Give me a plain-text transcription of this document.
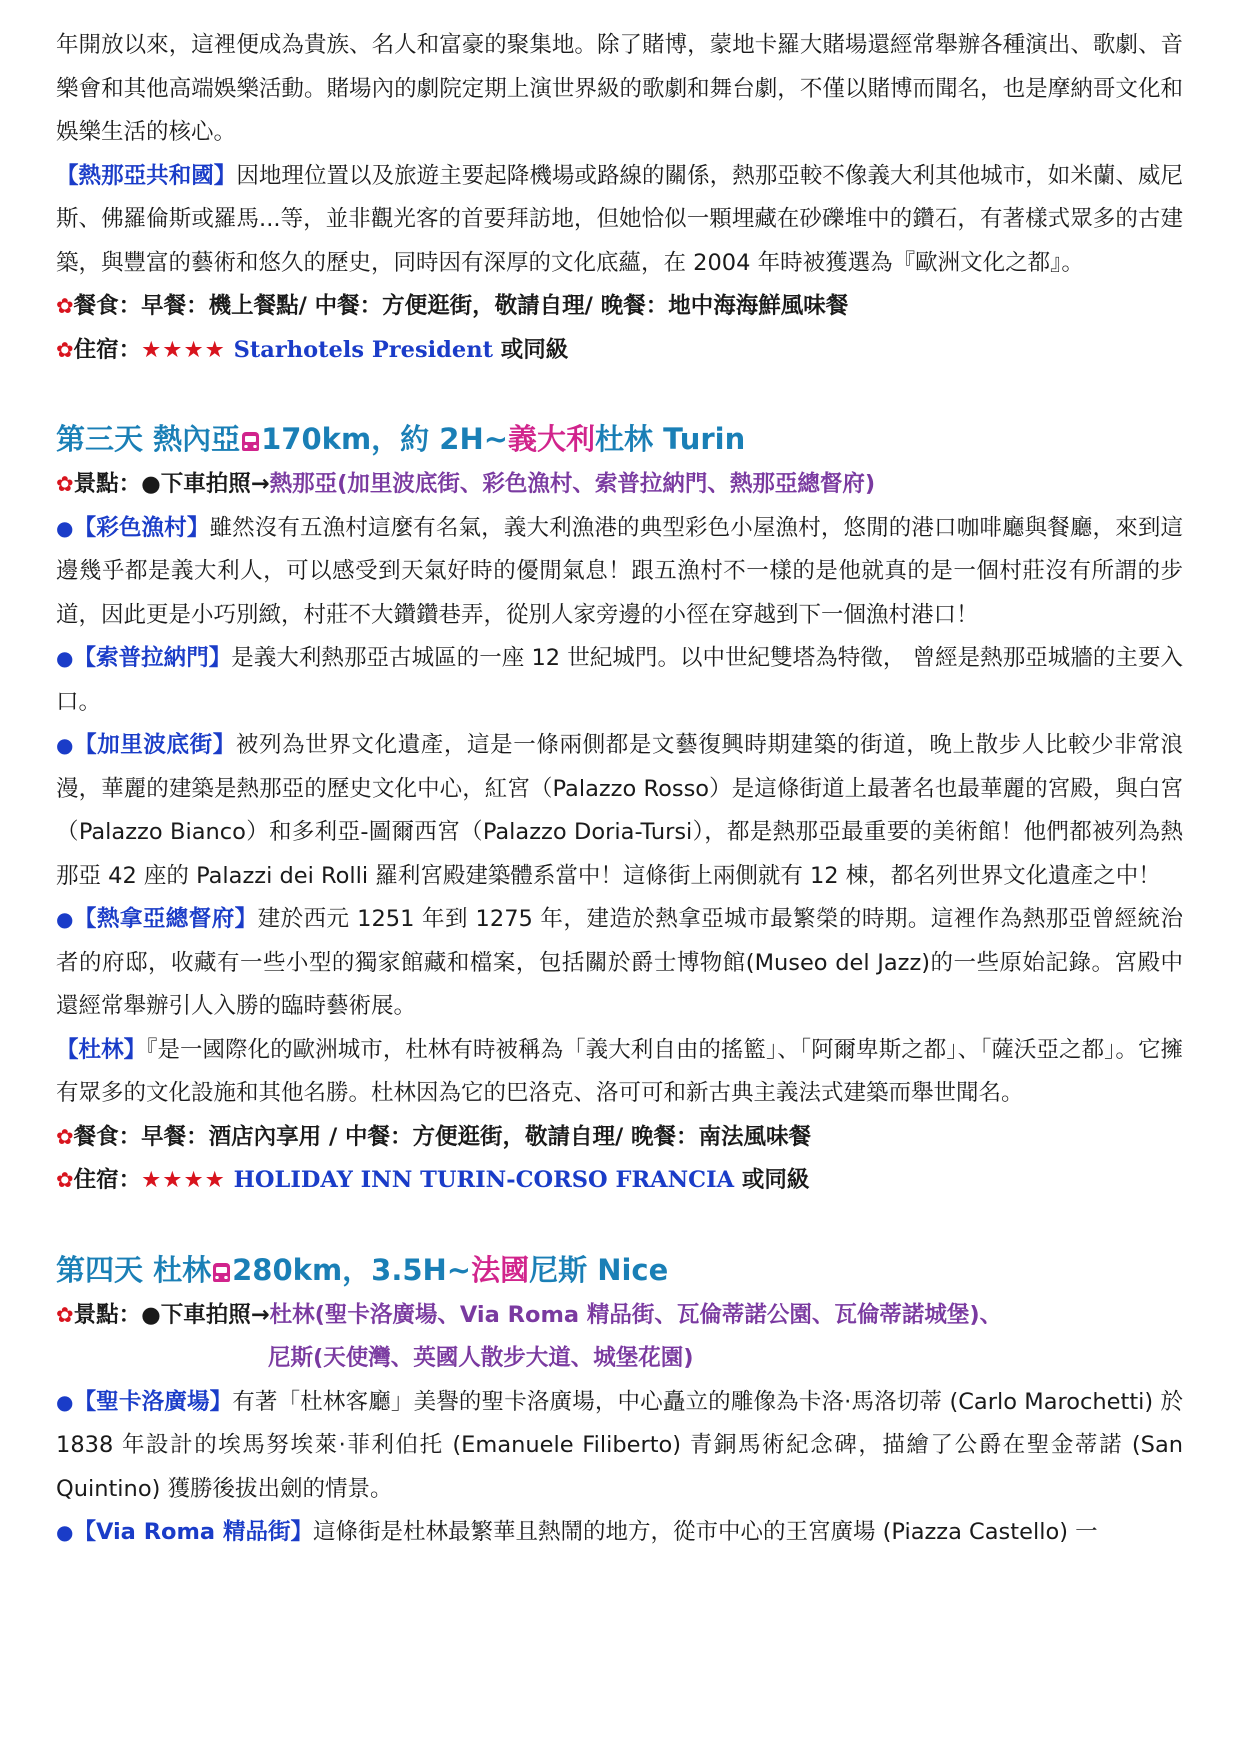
年開放以來，這裡便成為貴族、名人和富豪的聚集地。除了賭博，蒙地卡羅大賭場還經常舉辦各種演出、歌劇、音樂會和其他高端娛樂活動。賭場內的劇院定期上演世界級的歌劇和舞台劇，不僅以賭博而聞名，也是摩納哥文化和娛樂生活的核心。

【熱那亞共和國】因地理位置以及旅遊主要起降機場或路線的關係，熱那亞較不像義大利其他城市，如米蘭、威尼斯、佛羅倫斯或羅馬...等，並非觀光客的首要拜訪地，但她恰似一顆埋藏在砂礫堆中的鑽石，有著樣式眾多的古建築，與豐富的藝術和悠久的歷史，同時因有深厚的文化底蘊，在 2004 年時被獲選為『歐洲文化之都』。

✿餐食：早餐：機上餐點/ 中餐：方便逛街，敬請自理/ 晚餐：地中海海鮮風味餐

✿住宿：★★★★ Starhotels President 或同級

第三天 熱內亞 170km，約 2H~義大利杜林 Turin

✿景點：●下車拍照→熱那亞(加里波底街、彩色漁村、索普拉納門、熱那亞總督府)

●【彩色漁村】雖然沒有五漁村這麼有名氣，義大利漁港的典型彩色小屋漁村，悠閒的港口咖啡廳與餐廳，來到這邊幾乎都是義大利人，可以感受到天氣好時的優閒氣息！跟五漁村不一樣的是他就真的是一個村莊沒有所謂的步道，因此更是小巧別緻，村莊不大鑽鑽巷弄，從別人家旁邊的小徑在穿越到下一個漁村港口！

●【索普拉納門】是義大利熱那亞古城區的一座 12 世紀城門。以中世紀雙塔為特徵， 曾經是熱那亞城牆的主要入口。

●【加里波底街】被列為世界文化遺產，這是一條兩側都是文藝復興時期建築的街道，晚上散步人比較少非常浪漫，華麗的建築是熱那亞的歷史文化中心，紅宮（Palazzo Rosso）是這條街道上最著名也最華麗的宮殿，與白宮（Palazzo Bianco）和多利亞-圖爾西宮（Palazzo Doria-Tursi），都是熱那亞最重要的美術館！他們都被列為熱那亞 42 座的 Palazzi dei Rolli 羅利宮殿建築體系當中！這條街上兩側就有 12 棟，都名列世界文化遺產之中！

●【熱拿亞總督府】建於西元 1251 年到 1275 年，建造於熱拿亞城市最繁榮的時期。這裡作為熱那亞曾經統治者的府邸，收藏有一些小型的獨家館藏和檔案，包括關於爵士博物館(Museo del Jazz)的一些原始記錄。宮殿中還經常舉辦引人入勝的臨時藝術展。

【杜林】『是一國際化的歐洲城市，杜林有時被稱為「義大利自由的搖籃」、「阿爾卑斯之都」、「薩沃亞之都」。它擁有眾多的文化設施和其他名勝。杜林因為它的巴洛克、洛可可和新古典主義法式建築而舉世聞名。

✿餐食：早餐：酒店內享用 / 中餐：方便逛街，敬請自理/ 晚餐：南法風味餐

✿住宿：★★★★ HOLIDAY INN TURIN-CORSO FRANCIA 或同級

第四天 杜林 280km，3.5H~法國尼斯 Nice

✿景點：●下車拍照→杜林(聖卡洛廣場、Via Roma 精品街、瓦倫蒂諾公園、瓦倫蒂諾城堡)、

尼斯(天使灣、英國人散步大道、城堡花園)

●【聖卡洛廣場】有著「杜林客廳」美譽的聖卡洛廣場，中心矗立的雕像為卡洛·馬洛切蒂 (Carlo Marochetti) 於 1838 年設計的埃馬努埃萊·菲利伯托 (Emanuele Filiberto) 青銅馬術紀念碑，描繪了公爵在聖金蒂諾 (San Quintino) 獲勝後拔出劍的情景。

●【Via Roma 精品街】這條街是杜林最繁華且熱鬧的地方，從市中心的王宮廣場 (Piazza Castello) 一
